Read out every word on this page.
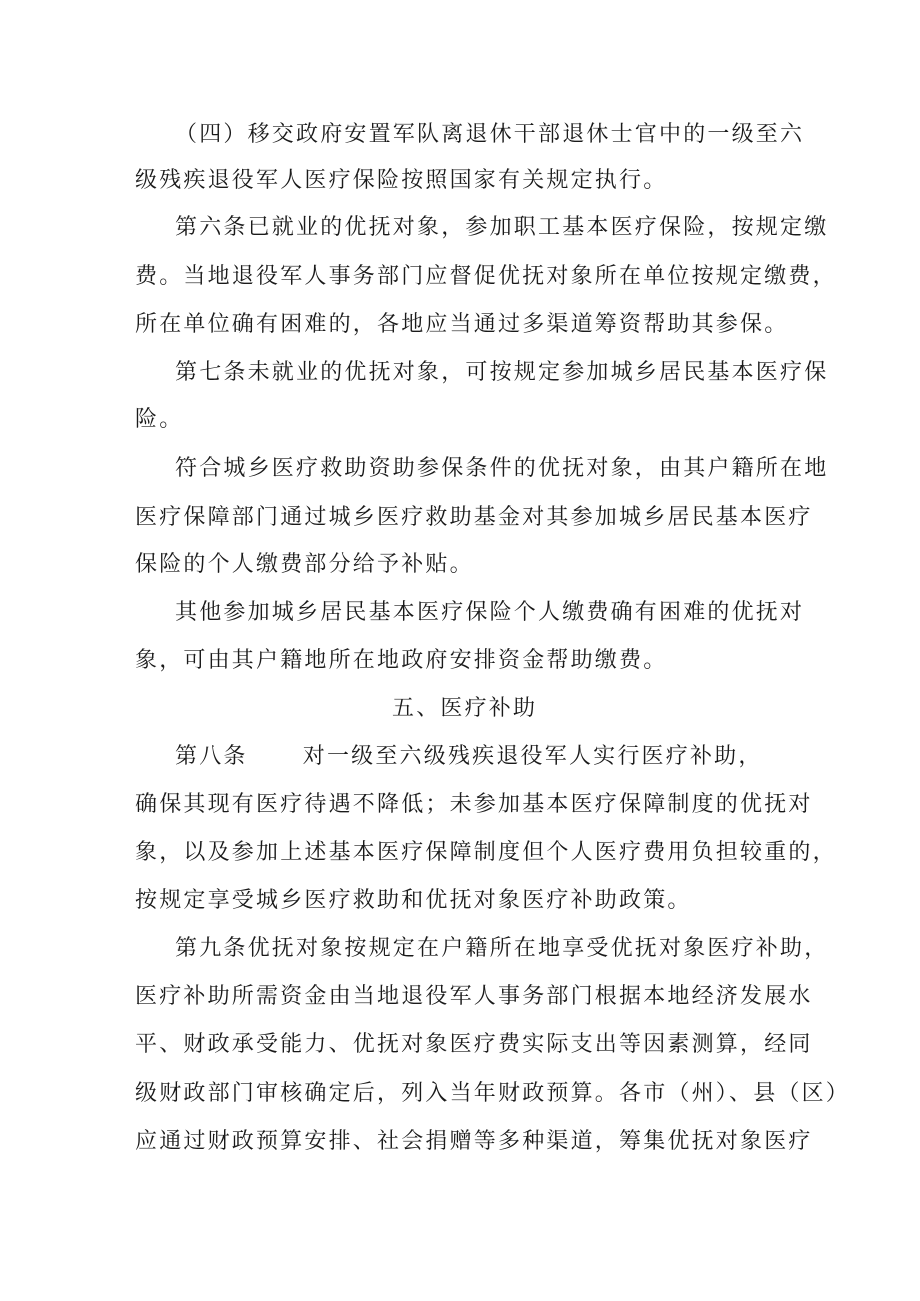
（四）移交政府安置军队离退休干部退休士官中的一级至六
级残疾退役军人医疗保险按照国家有关规定执行。
第六条已就业的优抚对象，参加职工基本医疗保险，按规定缴
费。当地退役军人事务部门应督促优抚对象所在单位按规定缴费，
所在单位确有困难的，各地应当通过多渠道筹资帮助其参保。
第七条未就业的优抚对象，可按规定参加城乡居民基本医疗保
险。
符合城乡医疗救助资助参保条件的优抚对象，由其户籍所在地
医疗保障部门通过城乡医疗救助基金对其参加城乡居民基本医疗
保险的个人缴费部分给予补贴。
其他参加城乡居民基本医疗保险个人缴费确有困难的优抚对
象，可由其户籍地所在地政府安排资金帮助缴费。
五、医疗补助
第八条      对一级至六级残疾退役军人实行医疗补助，
确保其现有医疗待遇不降低；未参加基本医疗保障制度的优抚对
象，以及参加上述基本医疗保障制度但个人医疗费用负担较重的，
按规定享受城乡医疗救助和优抚对象医疗补助政策。
第九条优抚对象按规定在户籍所在地享受优抚对象医疗补助，
医疗补助所需资金由当地退役军人事务部门根据本地经济发展水
平、财政承受能力、优抚对象医疗费实际支出等因素测算，经同
级财政部门审核确定后，列入当年财政预算。各市（州）、县（区）
应通过财政预算安排、社会捐赠等多种渠道，筹集优抚对象医疗
